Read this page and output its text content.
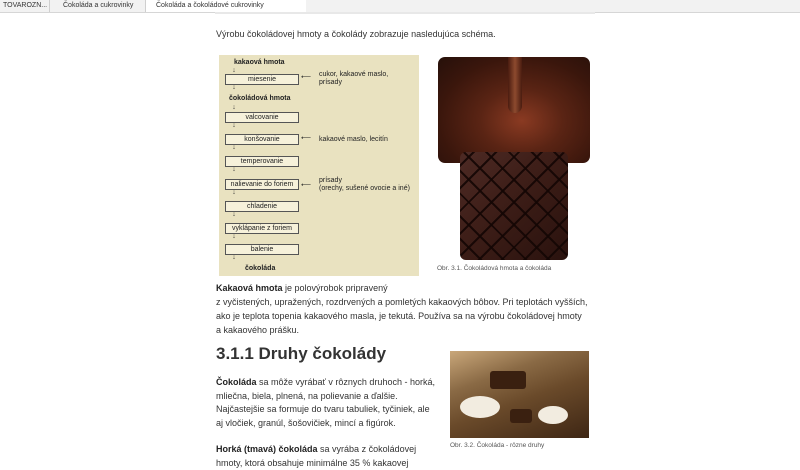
TOVAROZN...	Čokoláda a cukrovinky	Čokoláda a čokoládové cukrovinky
Výrobu čokoládovej hmoty a čokolády zobrazuje nasledujúca schéma.
kakaová hmota
↓
miesenie
↓
čokoládová hmota
↓
valcovanie
↓
konšovanie
↓
temperovanie
↓
nalievanie do foriem
↓
chladenie
↓
vyklápanie z foriem
↓
balenie
↓
čokoláda
⟵ cukor, kakaové maslo,
prísady
⟵ kakaové maslo, lecitín
⟵
prísady
(orechy, sušené ovocie a iné)
Obr. 3.1. Čokoládová hmota a čokoláda
Kakaová hmota je polovýrobok pripravený
z vyčistených, upražených, rozdrvených a pomletých kakaových bôbov. Pri teplotách vyšších,
ako je teplota topenia kakaového masla, je tekutá. Používa sa na výrobu čokoládovej hmoty
a kakaového prášku.
3.1.1 Druhy čokolády
Čokoláda sa môže vyrábať v rôznych druhoch - horká,
mliečna, biela, plnená, na polievanie a ďalšie.
Najčastejšie sa formuje do tvaru tabuliek, tyčiniek, ale
aj vločiek, granúl, šošovičiek, mincí a figúrok.
Horká (tmavá) čokoláda sa vyrába z čokoládovej
hmoty, ktorá obsahuje minimálne 35 % kakaovej
Obr. 3.2. Čokoláda - rôzne druhy
